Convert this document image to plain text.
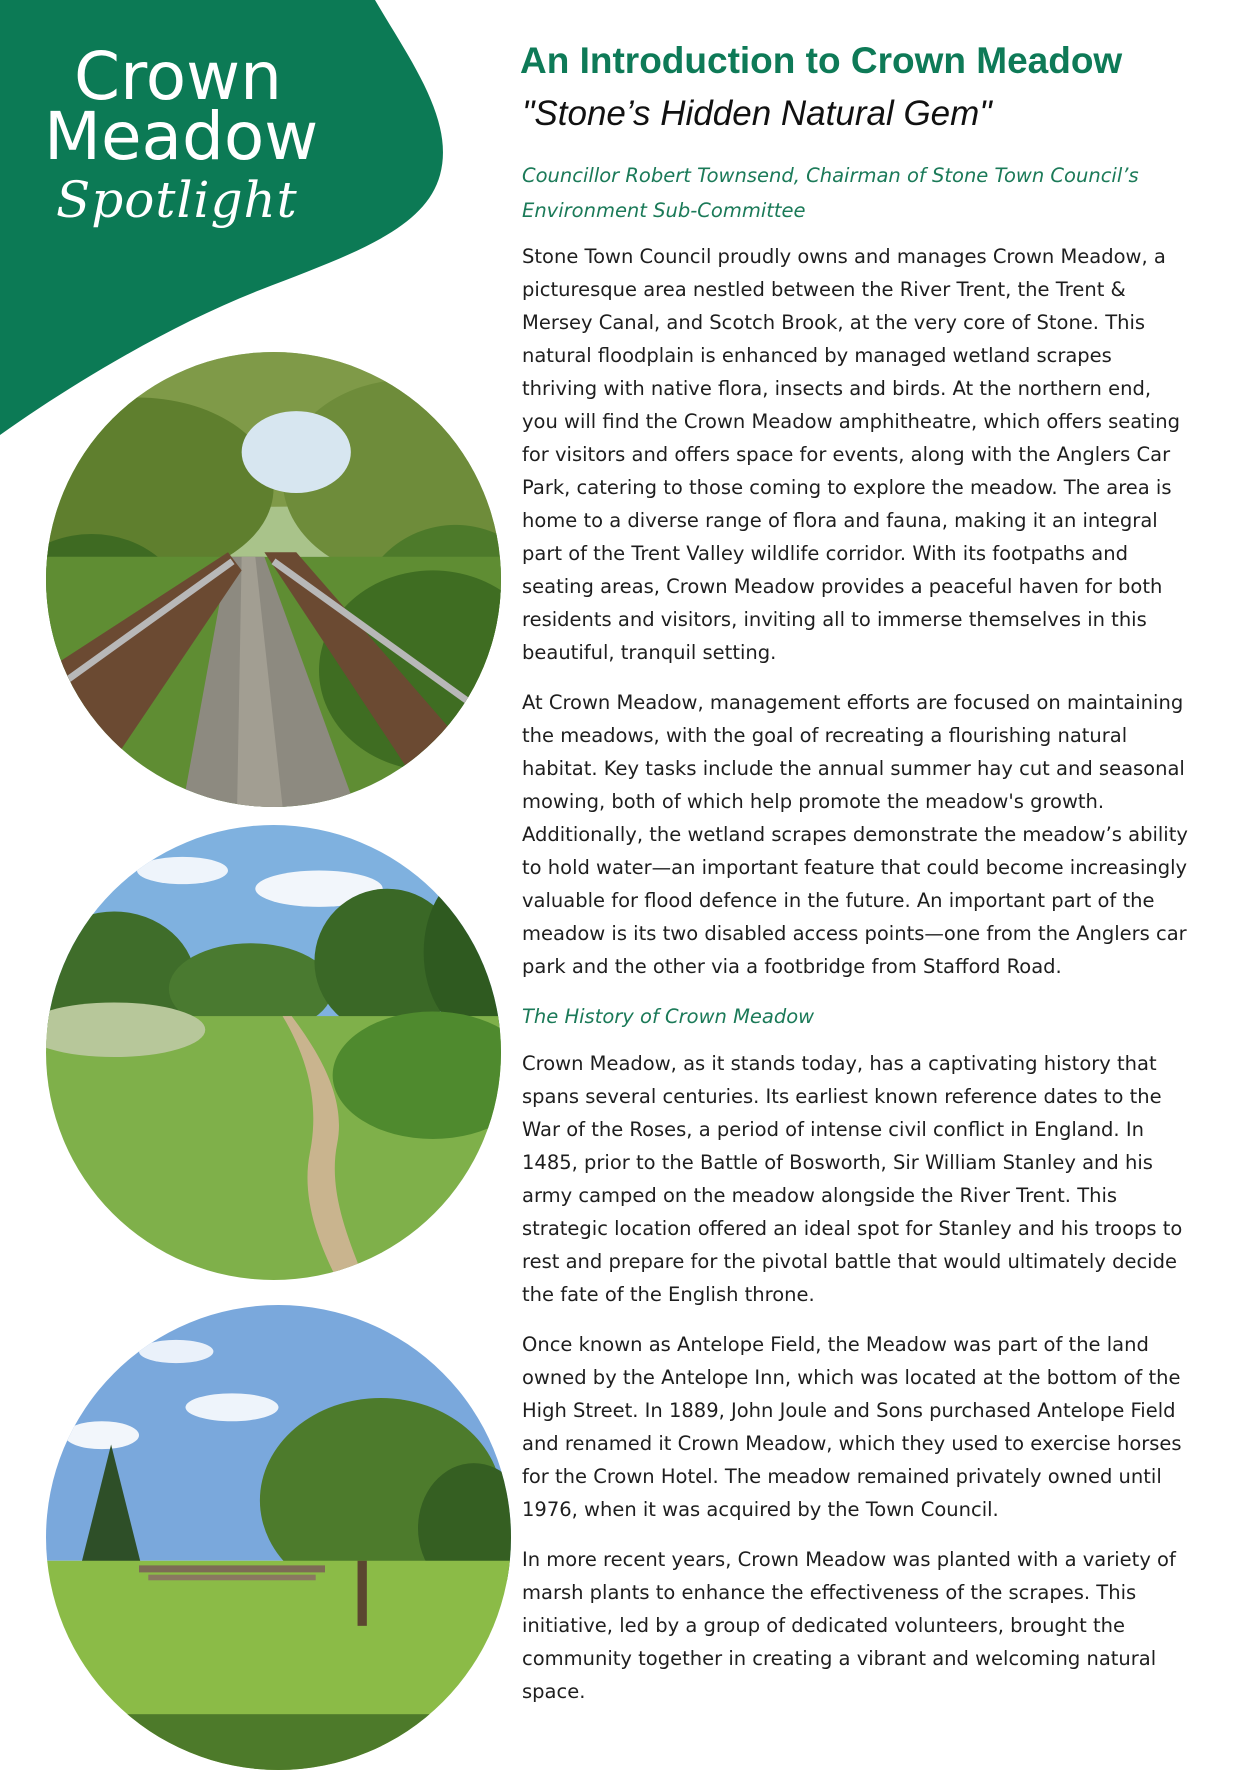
Crown
Meadow
Spotlight
An Introduction to Crown Meadow
"Stone’s Hidden Natural Gem"

Councillor Robert Townsend, Chairman of Stone Town Council’s Environment Sub-Committee

Stone Town Council proudly owns and manages Crown Meadow, a picturesque area nestled between the River Trent, the Trent & Mersey Canal, and Scotch Brook, at the very core of Stone. This natural floodplain is enhanced by managed wetland scrapes thriving with native flora, insects and birds. At the northern end, you will find the Crown Meadow amphitheatre, which offers seating for visitors and offers space for events, along with the Anglers Car Park, catering to those coming to explore the meadow. The area is home to a diverse range of flora and fauna, making it an integral part of the Trent Valley wildlife corridor. With its footpaths and seating areas, Crown Meadow provides a peaceful haven for both residents and visitors, inviting all to immerse themselves in this beautiful, tranquil setting.

At Crown Meadow, management efforts are focused on maintaining the meadows, with the goal of recreating a flourishing natural habitat. Key tasks include the annual summer hay cut and seasonal mowing, both of which help promote the meadow's growth. Additionally, the wetland scrapes demonstrate the meadow’s ability to hold water—an important feature that could become increasingly valuable for flood defence in the future. An important part of the meadow is its two disabled access points—one from the Anglers car park and the other via a footbridge from Stafford Road.

The History of Crown Meadow

Crown Meadow, as it stands today, has a captivating history that spans several centuries. Its earliest known reference dates to the War of the Roses, a period of intense civil conflict in England. In 1485, prior to the Battle of Bosworth, Sir William Stanley and his army camped on the meadow alongside the River Trent. This strategic location offered an ideal spot for Stanley and his troops to rest and prepare for the pivotal battle that would ultimately decide the fate of the English throne.

Once known as Antelope Field, the Meadow was part of the land owned by the Antelope Inn, which was located at the bottom of the High Street. In 1889, John Joule and Sons purchased Antelope Field and renamed it Crown Meadow, which they used to exercise horses for the Crown Hotel. The meadow remained privately owned until 1976, when it was acquired by the Town Council.

In more recent years, Crown Meadow was planted with a variety of marsh plants to enhance the effectiveness of the scrapes. This initiative, led by a group of dedicated volunteers, brought the community together in creating a vibrant and welcoming natural space.
